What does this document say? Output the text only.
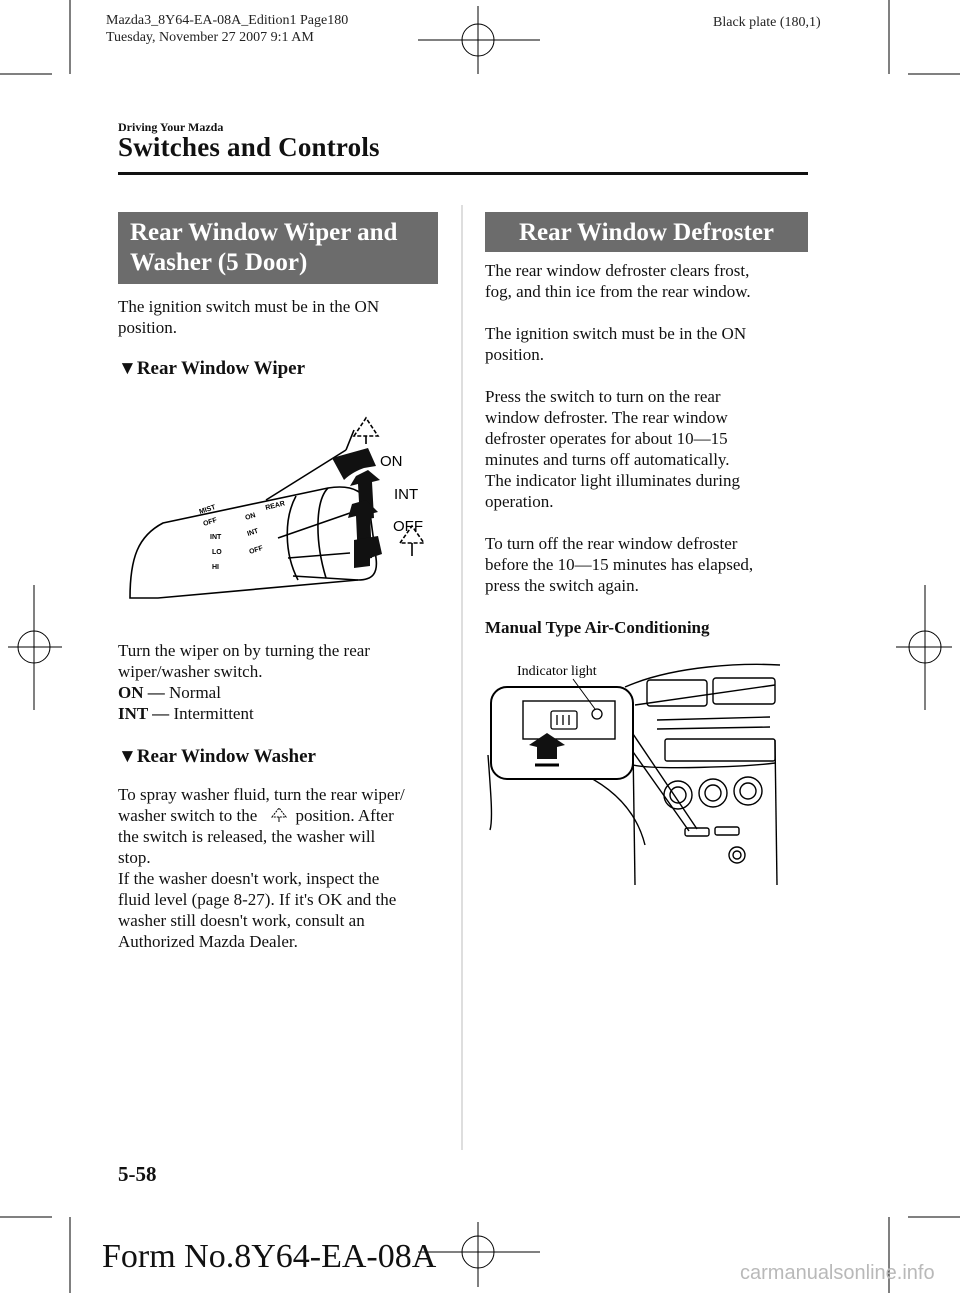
Mazda3_8Y64-EA-08A_Edition1 Page180
Tuesday, November 27 2007 9:1 AM
Black plate (180,1)
Driving Your Mazda
Switches and Controls
Rear Window Wiper and
Washer (5 Door)

The ignition switch must be in the ON

position.

▼Rear Window Wiper
MIST
OFF
INT
LO
HI
ON
INT
OFF
REAR
ON
INT
OFF

Turn the wiper on by turning the rear

wiper/washer switch.

ON — Normal

INT — Intermittent

▼Rear Window Washer

To spray washer fluid, turn the rear wiper/

washer switch to the position. After

the switch is released, the washer will

stop.

If the washer doesn't work, inspect the

fluid level (page 8-27). If it's OK and the

washer still doesn't work, consult an

Authorized Mazda Dealer.

Rear Window Defroster

The rear window defroster clears frost,

fog, and thin ice from the rear window.

The ignition switch must be in the ON

position.

Press the switch to turn on the rear

window defroster. The rear window

defroster operates for about 10―15

minutes and turns off automatically.

The indicator light illuminates during

operation.

To turn off the rear window defroster

before the 10―15 minutes has elapsed,

press the switch again.

Manual Type Air-Conditioning

Indicator light
5-58
Form No.8Y64-EA-08A	carmanualsonline.info
